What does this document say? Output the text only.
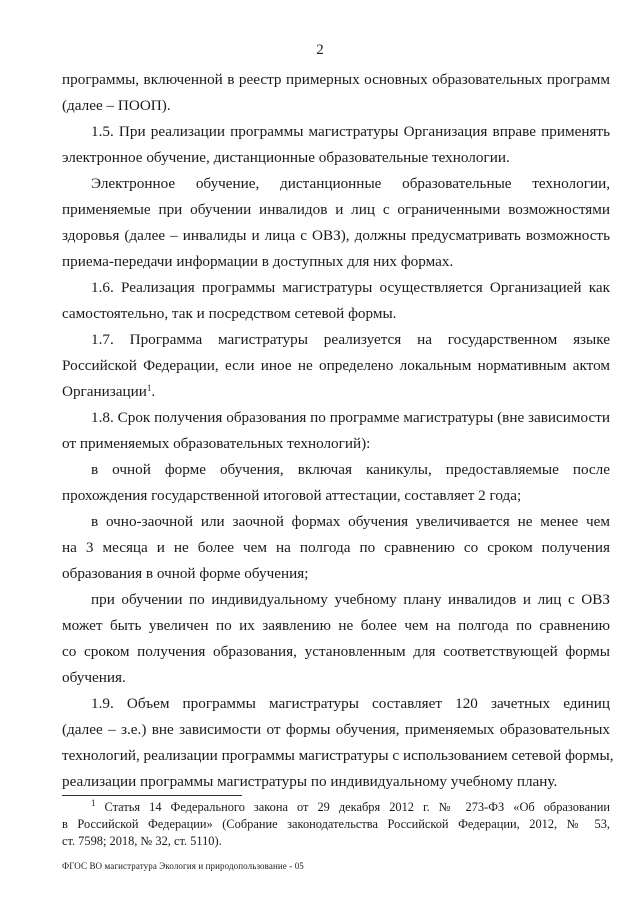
2
программы, включенной в реестр примерных основных образовательных программ
(далее – ПООП).
1.5. При реализации программы магистратуры Организация вправе применять
электронное обучение, дистанционные образовательные технологии.
Электронное обучение, дистанционные образовательные технологии,
применяемые при обучении инвалидов и лиц с ограниченными возможностями
здоровья (далее – инвалиды и лица с ОВЗ), должны предусматривать возможность
приема-передачи информации в доступных для них формах.
1.6. Реализация программы магистратуры осуществляется Организацией как
самостоятельно, так и посредством сетевой формы.
1.7. Программа магистратуры реализуется на государственном языке
Российской Федерации, если иное не определено локальным нормативным актом
Организации$^1$.
1.8. Срок получения образования по программе магистратуры (вне зависимости
от применяемых образовательных технологий):
в очной форме обучения, включая каникулы, предоставляемые после
прохождения государственной итоговой аттестации, составляет 2 года;
в очно-заочной или заочной формах обучения увеличивается не менее чем
на 3 месяца и не более чем на полгода по сравнению со сроком получения
образования в очной форме обучения;
при обучении по индивидуальному учебному плану инвалидов и лиц с ОВЗ
может быть увеличен по их заявлению не более чем на полгода по сравнению
со сроком получения образования, установленным для соответствующей формы
обучения.
1.9. Объем программы магистратуры составляет 120 зачетных единиц
(далее – з.е.) вне зависимости от формы обучения, применяемых образовательных
технологий, реализации программы магистратуры с использованием сетевой формы,
реализации программы магистратуры по индивидуальному учебному плану.
$^1$ Статья 14 Федерального закона от 29 декабря 2012 г. № 273-ФЗ «Об образовании
в Российской Федерации» (Собрание законодательства Российской Федерации, 2012, № 53,
ст. 7598; 2018, № 32, ст. 5110).
ФГОС ВО магистратура Экология и природопользование - 05
